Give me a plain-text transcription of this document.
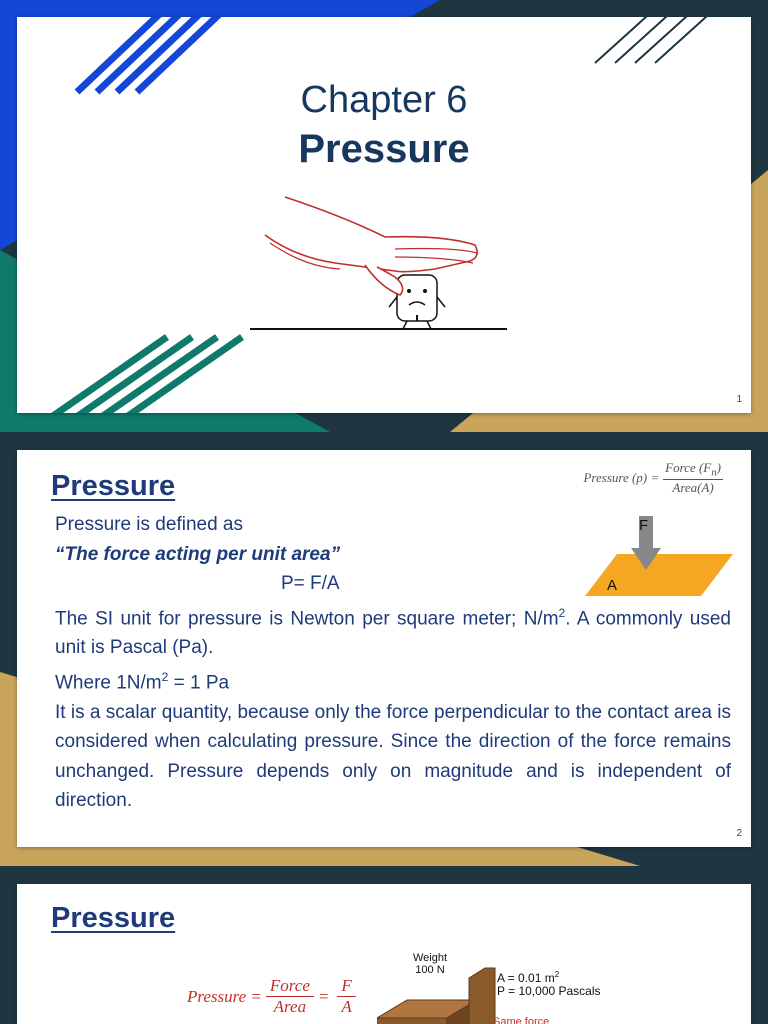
Chapter 6
Pressure
1
Pressure	Pressure $(p) = \frac{Force (F_n)}{\text{Area(A)}}$
F
A

Pressure is defined as

“The force acting per unit area”

P= F/A

The SI unit for pressure is Newton per square meter; $N/m^2$. A commonly used unit is Pascal (Pa).

Where $1N/m^2 = 1$ Pa

It is a scalar quantity, because only the force perpendicular to the contact area is considered when calculating pressure. Since the direction of the force remains unchanged. Pressure depends only on magnitude and is independent of direction.

2
Pressure
Pressure = $\frac{\text{Force}}{\text{Area}} = \frac{F}{A}$
Weight
100 N
A = 0.01 $m^2$
P = 10,000 Pascals
Same force
